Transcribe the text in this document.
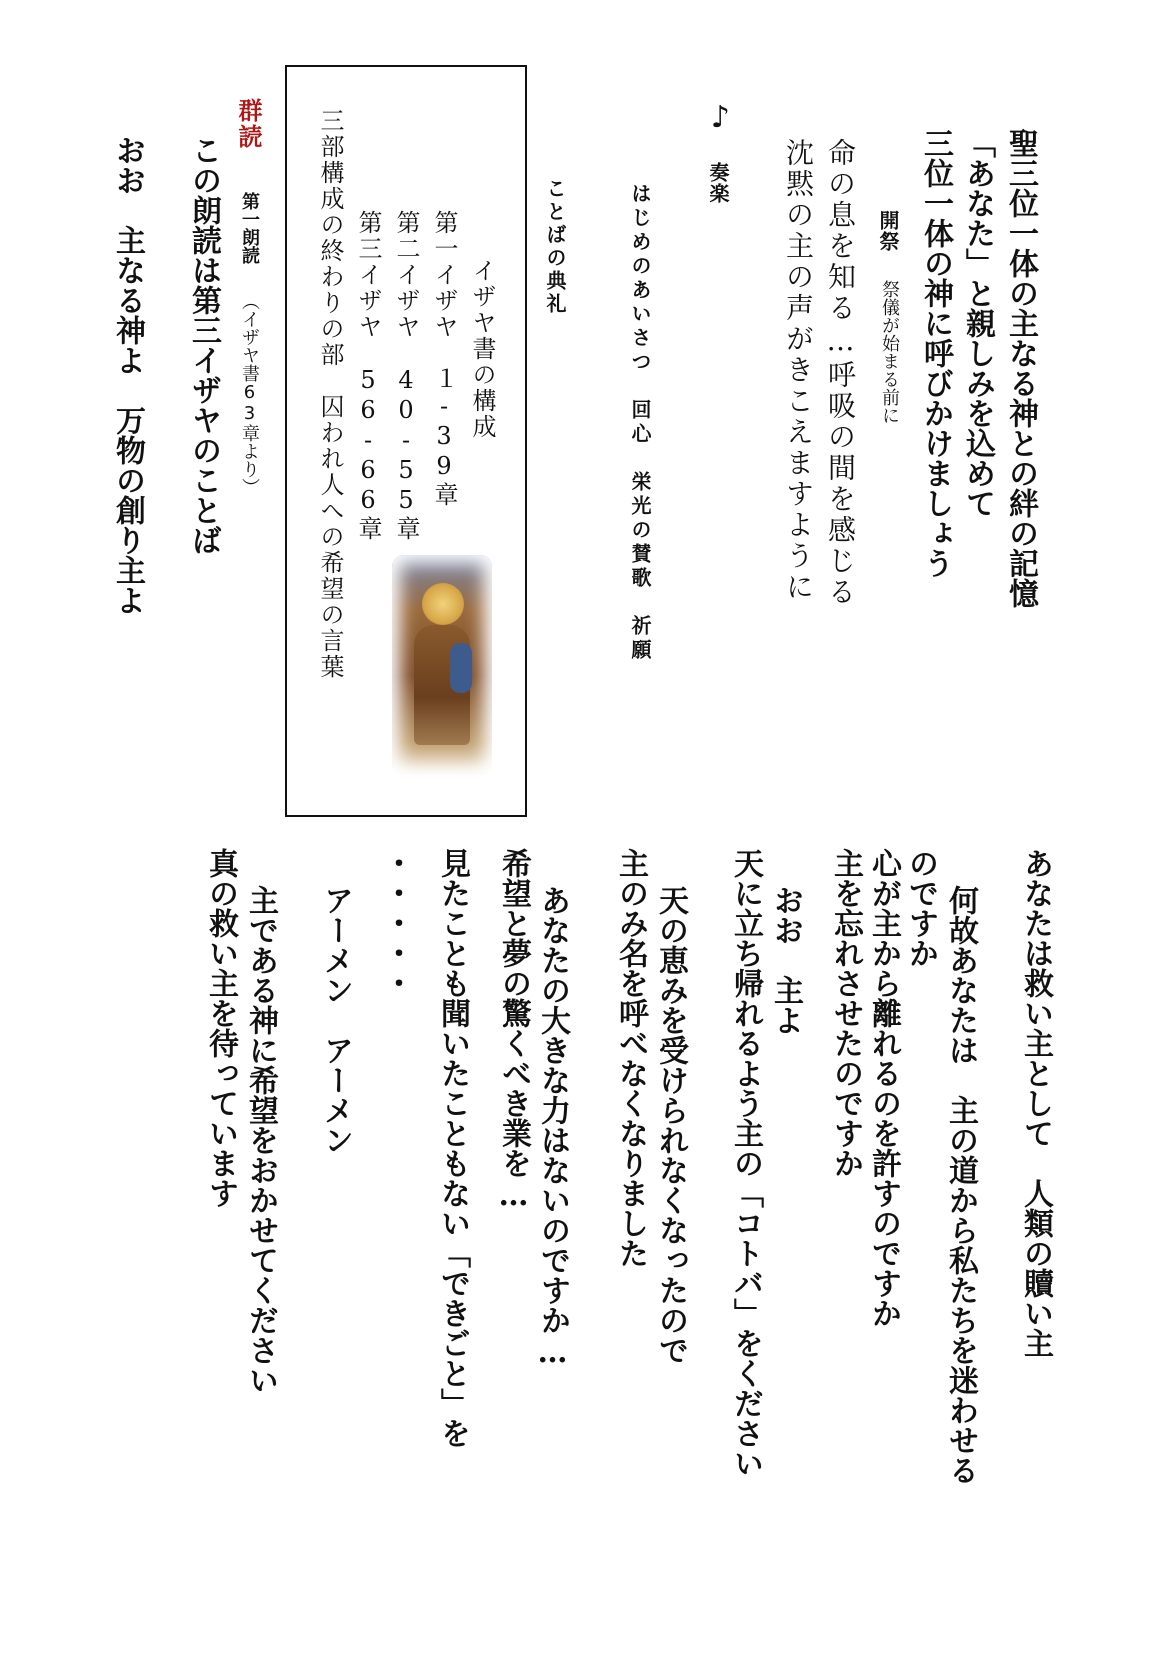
聖三位一体の主なる神との絆の記憶
「あなた」と親しみを込めて
三位一体の神に呼びかけましょう
開祭
祭儀が始まる前に
命の息を知る…呼吸の間を感じる
沈黙の主の声がきこえますように
♪
奏楽
はじめのあいさつ　回心　栄光の賛歌　祈願
ことばの典礼
イザヤ書の構成
第一イザヤ　１-39章
第二イザヤ　40-55章
第三イザヤ　56-66章
三部構成の終わりの部　囚われ人への希望の言葉
群読
第一朗読
（イザヤ書63章より）
この朗読は第三イザヤのことば
おお　主なる神よ　万物の創り主よ
あなたは救い主として　人類の贖い主
何故あなたは　主の道から私たちを迷わせる
のですか
心が主から離れるのを許すのですか
主を忘れさせたのですか
おお　主よ
天に立ち帰れるよう主の「コトバ」をください
天の恵みを受けられなくなったので
主のみ名を呼べなくなりました
あなたの大きな力はないのですか…
希望と夢の驚くべき業を…
見たことも聞いたこともない「できごと」を
・・・・・
アーメン　アーメン
主である神に希望をおかせてください
真の救い主を待っています
